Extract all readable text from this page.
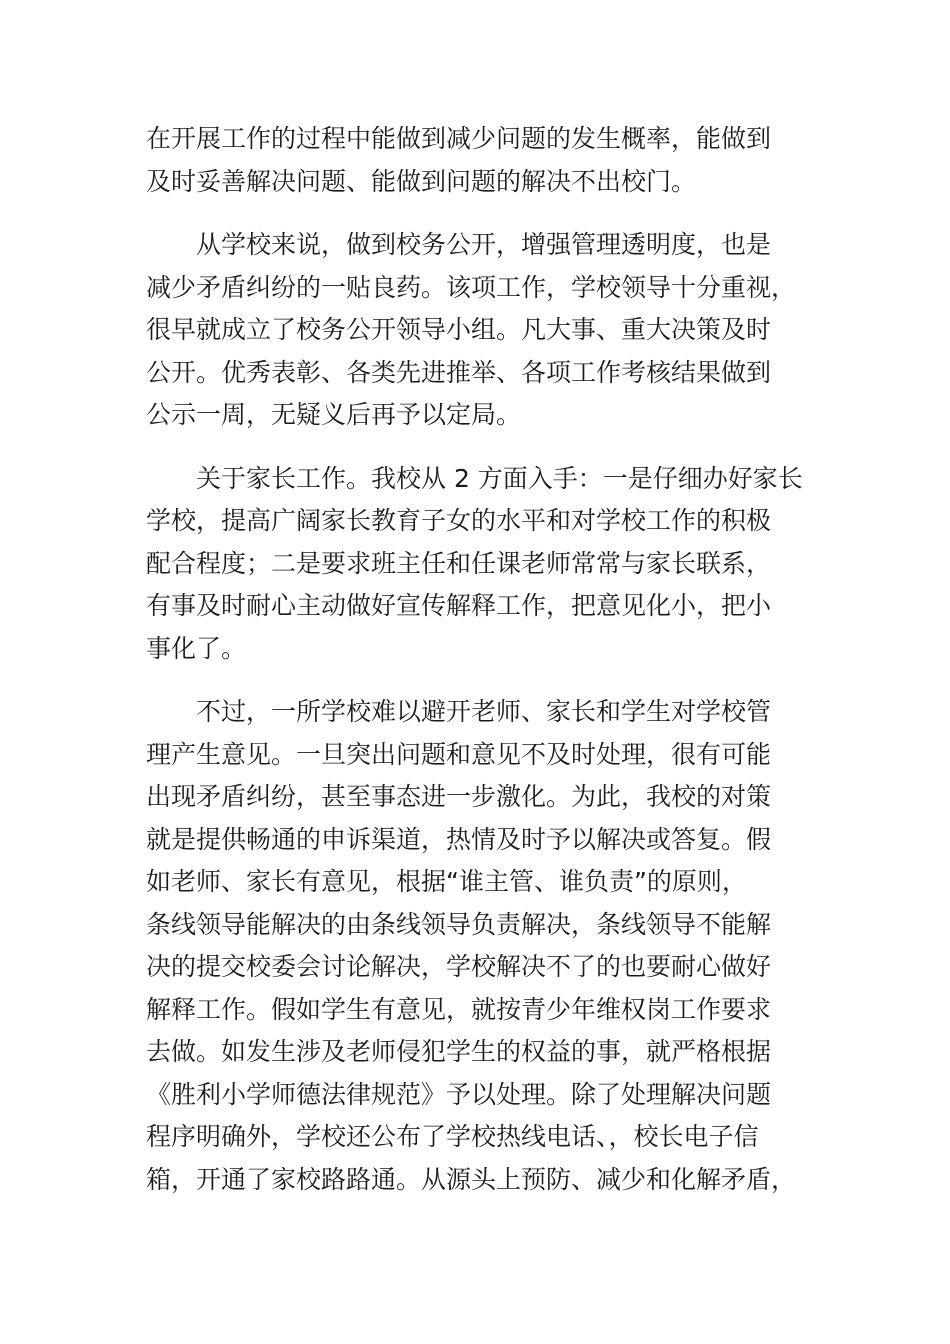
在开展工作的过程中能做到减少问题的发生概率，能做到
及时妥善解决问题、能做到问题的解决不出校门。

从学校来说，做到校务公开，增强管理透明度，也是
减少矛盾纠纷的一贴良药。该项工作，学校领导十分重视，
很早就成立了校务公开领导小组。凡大事、重大决策及时
公开。优秀表彰、各类先进推举、各项工作考核结果做到
公示一周，无疑义后再予以定局。

关于家长工作。我校从 2 方面入手：一是仔细办好家长
学校，提高广阔家长教育子女的水平和对学校工作的积极
配合程度；二是要求班主任和任课老师常常与家长联系，
有事及时耐心主动做好宣传解释工作，把意见化小，把小
事化了。

不过，一所学校难以避开老师、家长和学生对学校管
理产生意见。一旦突出问题和意见不及时处理，很有可能
出现矛盾纠纷，甚至事态进一步激化。为此，我校的对策
就是提供畅通的申诉渠道，热情及时予以解决或答复。假
如老师、家长有意见，根据“谁主管、谁负责”的原则，
条线领导能解决的由条线领导负责解决，条线领导不能解
决的提交校委会讨论解决，学校解决不了的也要耐心做好
解释工作。假如学生有意见，就按青少年维权岗工作要求
去做。如发生涉及老师侵犯学生的权益的事，就严格根据
《胜利小学师德法律规范》予以处理。除了处理解决问题
程序明确外，学校还公布了学校热线电话、，校长电子信
箱，开通了家校路路通。从源头上预防、减少和化解矛盾，
